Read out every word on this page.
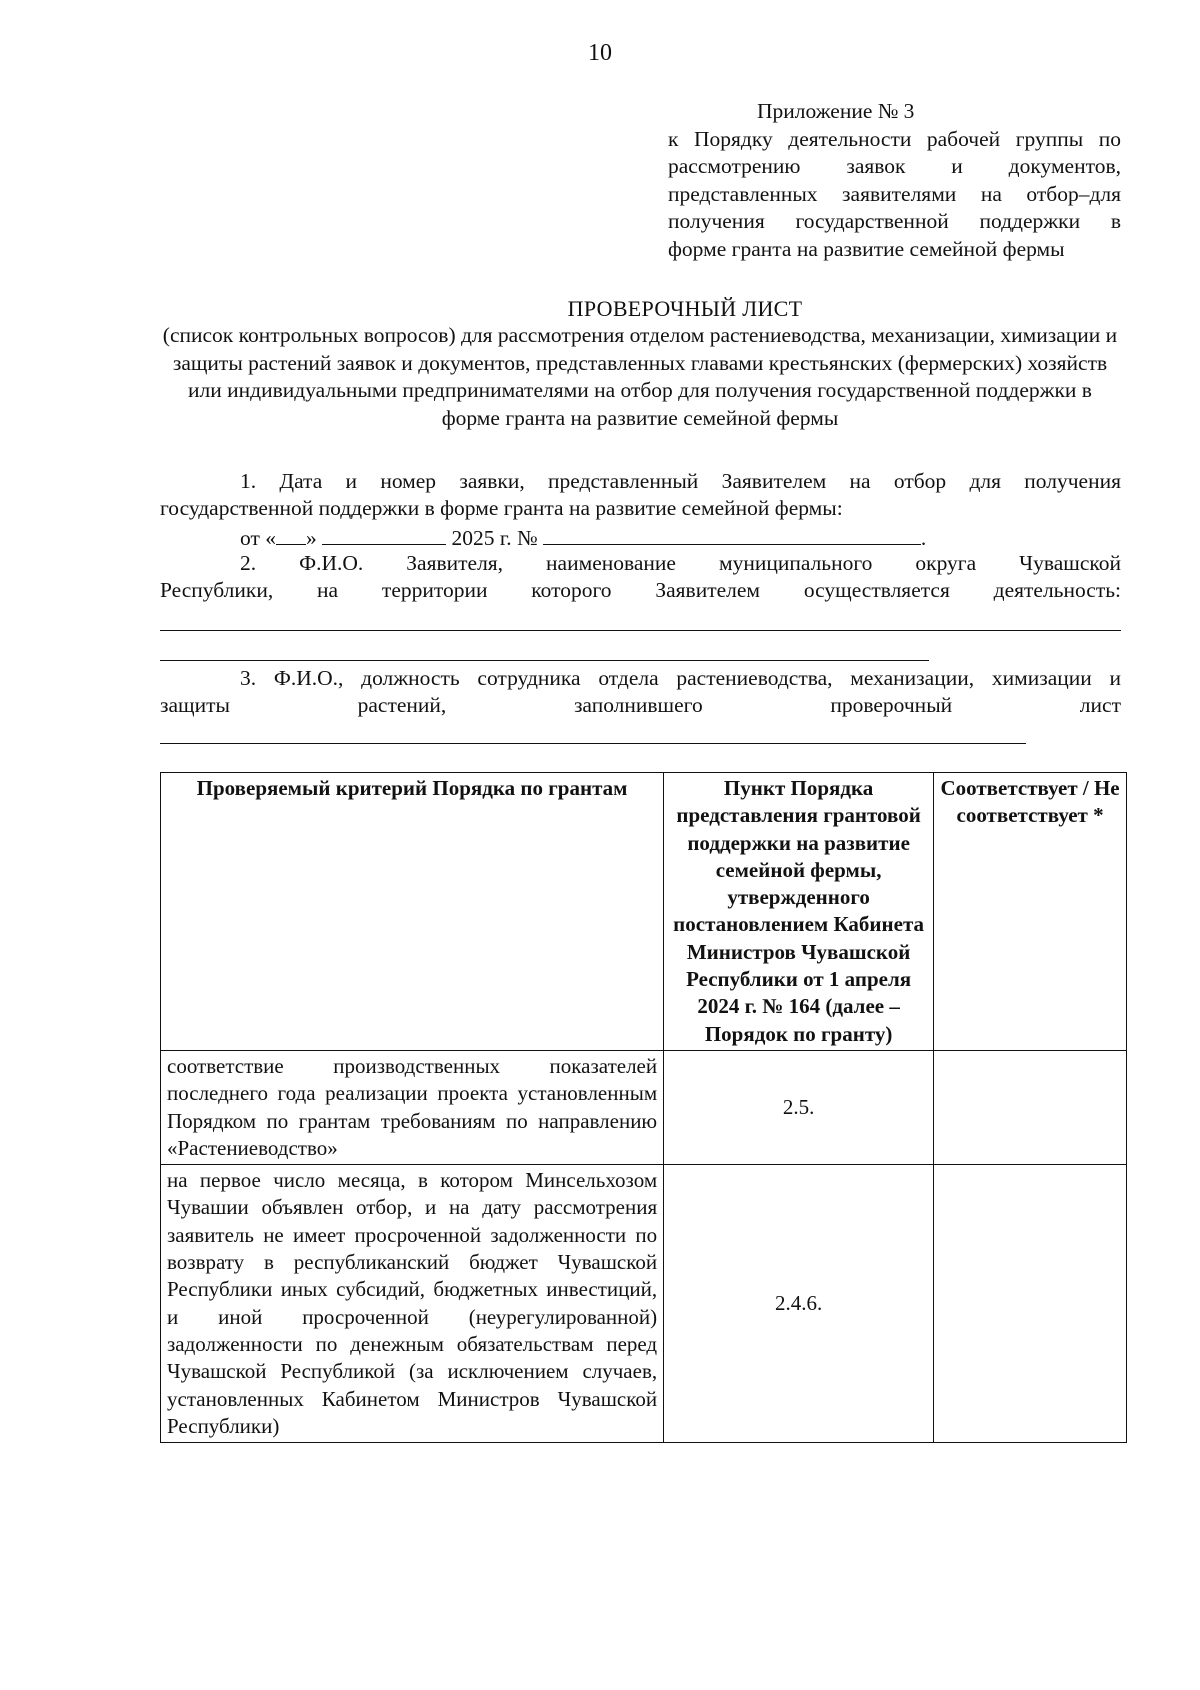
10
Приложение № 3
к Порядку деятельности рабочей группы по
рассмотрению заявок и документов,
представленных заявителями на отбор–для
получения государственной поддержки в
форме гранта на развитие семейной фермы
ПРОВЕРОЧНЫЙ ЛИСТ
(список контрольных вопросов) для рассмотрения отделом растениеводства, механизации, химизации и защиты растений заявок и документов, представленных главами крестьянских (фермерских) хозяйств или индивидуальными предпринимателями на отбор для получения государственной поддержки в форме гранта на развитие семейной фермы
1. Дата и номер заявки, представленный Заявителем на отбор для получения
государственной поддержки в форме гранта на развитие семейной фермы:
от « »	2025 г. №	.
2. Ф.И.О. Заявителя, наименование муниципального округа Чувашской
Республики, на территории которого Заявителем осуществляется деятельность:
3. Ф.И.О., должность сотрудника отдела растениеводства, механизации, химизации и
защиты растений, заполнившего проверочный лист
Проверяемый критерий Порядка по грантам	Пункт Порядка представления грантовой поддержки на развитие семейной фермы, утвержденного постановлением Кабинета Министров Чувашской Республики от 1 апреля 2024 г. № 164 (далее – Порядок по гранту)	Соответствует / Не соответствует *
соответствие производственных показателей последнего года реализации проекта установленным Порядком по грантам требованиям по направлению «Растениеводство»	2.5.	
на первое число месяца, в котором Минсельхозом Чувашии объявлен отбор, и на дату рассмотрения заявитель не имеет просроченной задолженности по возврату в республиканский бюджет Чувашской Республики иных субсидий, бюджетных инвестиций, и иной просроченной (неурегулированной) задолженности по денежным обязательствам перед Чувашской Республикой (за исключением случаев, установленных Кабинетом Министров Чувашской Республики)	2.4.6.	
